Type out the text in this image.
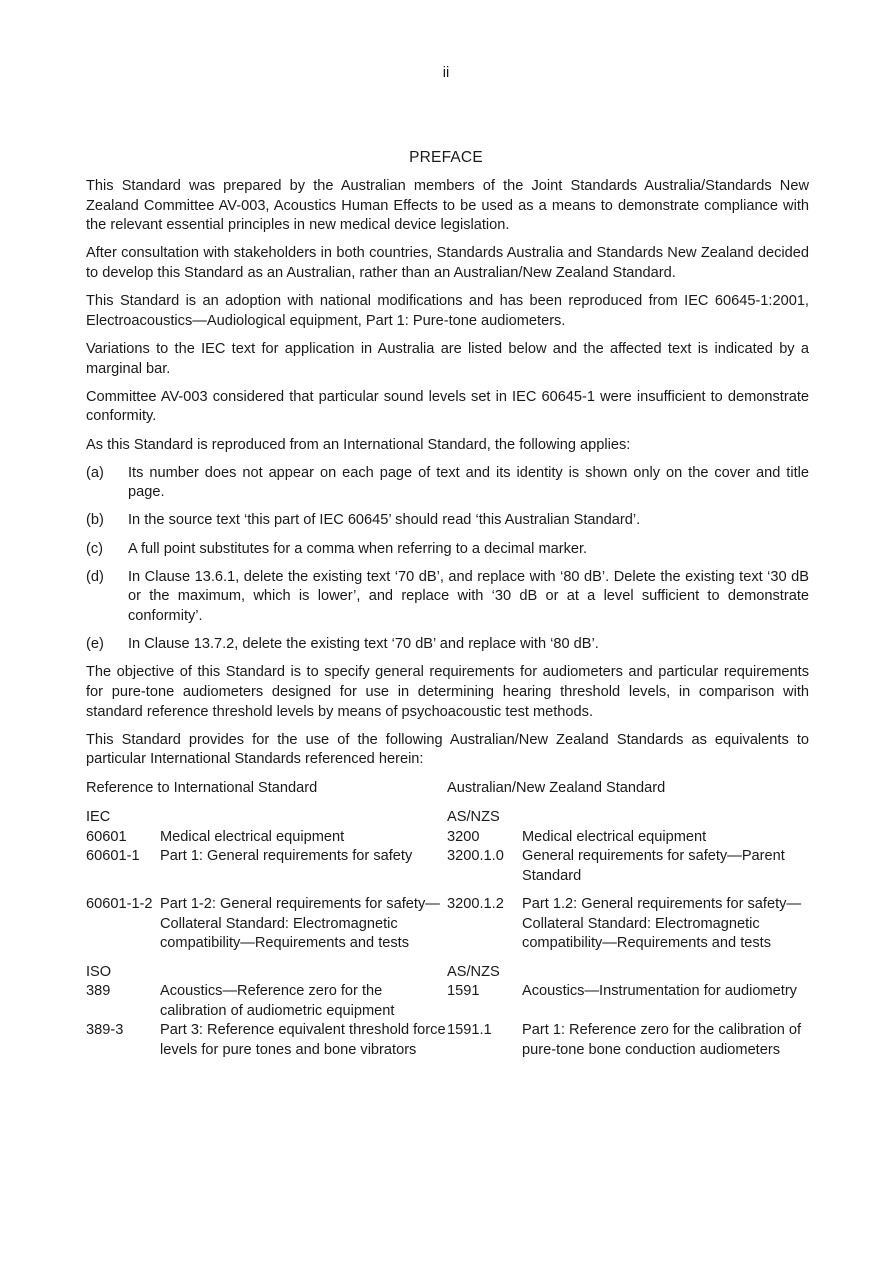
ii
PREFACE

This Standard was prepared by the Australian members of the Joint Standards Australia/Standards New Zealand Committee AV-003, Acoustics Human Effects to be used as a means to demonstrate compliance with the relevant essential principles in new medical device legislation.

After consultation with stakeholders in both countries, Standards Australia and Standards New Zealand decided to develop this Standard as an Australian, rather than an Australian/New Zealand Standard.

This Standard is an adoption with national modifications and has been reproduced from IEC 60645-1:2001, Electroacoustics—Audiological equipment, Part 1: Pure-tone audiometers.

Variations to the IEC text for application in Australia are listed below and the affected text is indicated by a marginal bar.

Committee AV-003 considered that particular sound levels set in IEC 60645-1 were insufficient to demonstrate conformity.

As this Standard is reproduced from an International Standard, the following applies:

(a)	Its number does not appear on each page of text and its identity is shown only on the cover and title page.
(b)	In the source text ‘this part of IEC 60645’ should read ‘this Australian Standard’.
(c)	A full point substitutes for a comma when referring to a decimal marker.
(d)	In Clause 13.6.1, delete the existing text ‘70 dB’, and replace with ‘80 dB’. Delete the existing text ‘30 dB or the maximum, which is lower’, and replace with ‘30 dB or at a level sufficient to demonstrate conformity’.
(e)	In Clause 13.7.2, delete the existing text ‘70 dB’ and replace with ‘80 dB’.

The objective of this Standard is to specify general requirements for audiometers and particular requirements for pure-tone audiometers designed for use in determining hearing threshold levels, in comparison with standard reference threshold levels by means of psychoacoustic test methods.

This Standard provides for the use of the following Australian/New Zealand Standards as equivalents to particular International Standards referenced herein:

Reference to International Standard		Australian/New Zealand Standard	
IEC		AS/NZS	
60601	Medical electrical equipment	3200	Medical electrical equipment
60601-1	Part 1: General requirements for safety	3200.1.0	General requirements for safety—Parent Standard
60601-1-2	Part 1-2: General requirements for safety—Collateral Standard: Electromagnetic compatibility—Requirements and tests	3200.1.2	Part 1.2: General requirements for safety—Collateral Standard: Electromagnetic compatibility—Requirements and tests
ISO		AS/NZS	
389	Acoustics—Reference zero for the calibration of audiometric equipment	1591	Acoustics—Instrumentation for audiometry
389-3	Part 3: Reference equivalent threshold force levels for pure tones and bone vibrators	1591.1	Part 1: Reference zero for the calibration of pure-tone bone conduction audiometers
